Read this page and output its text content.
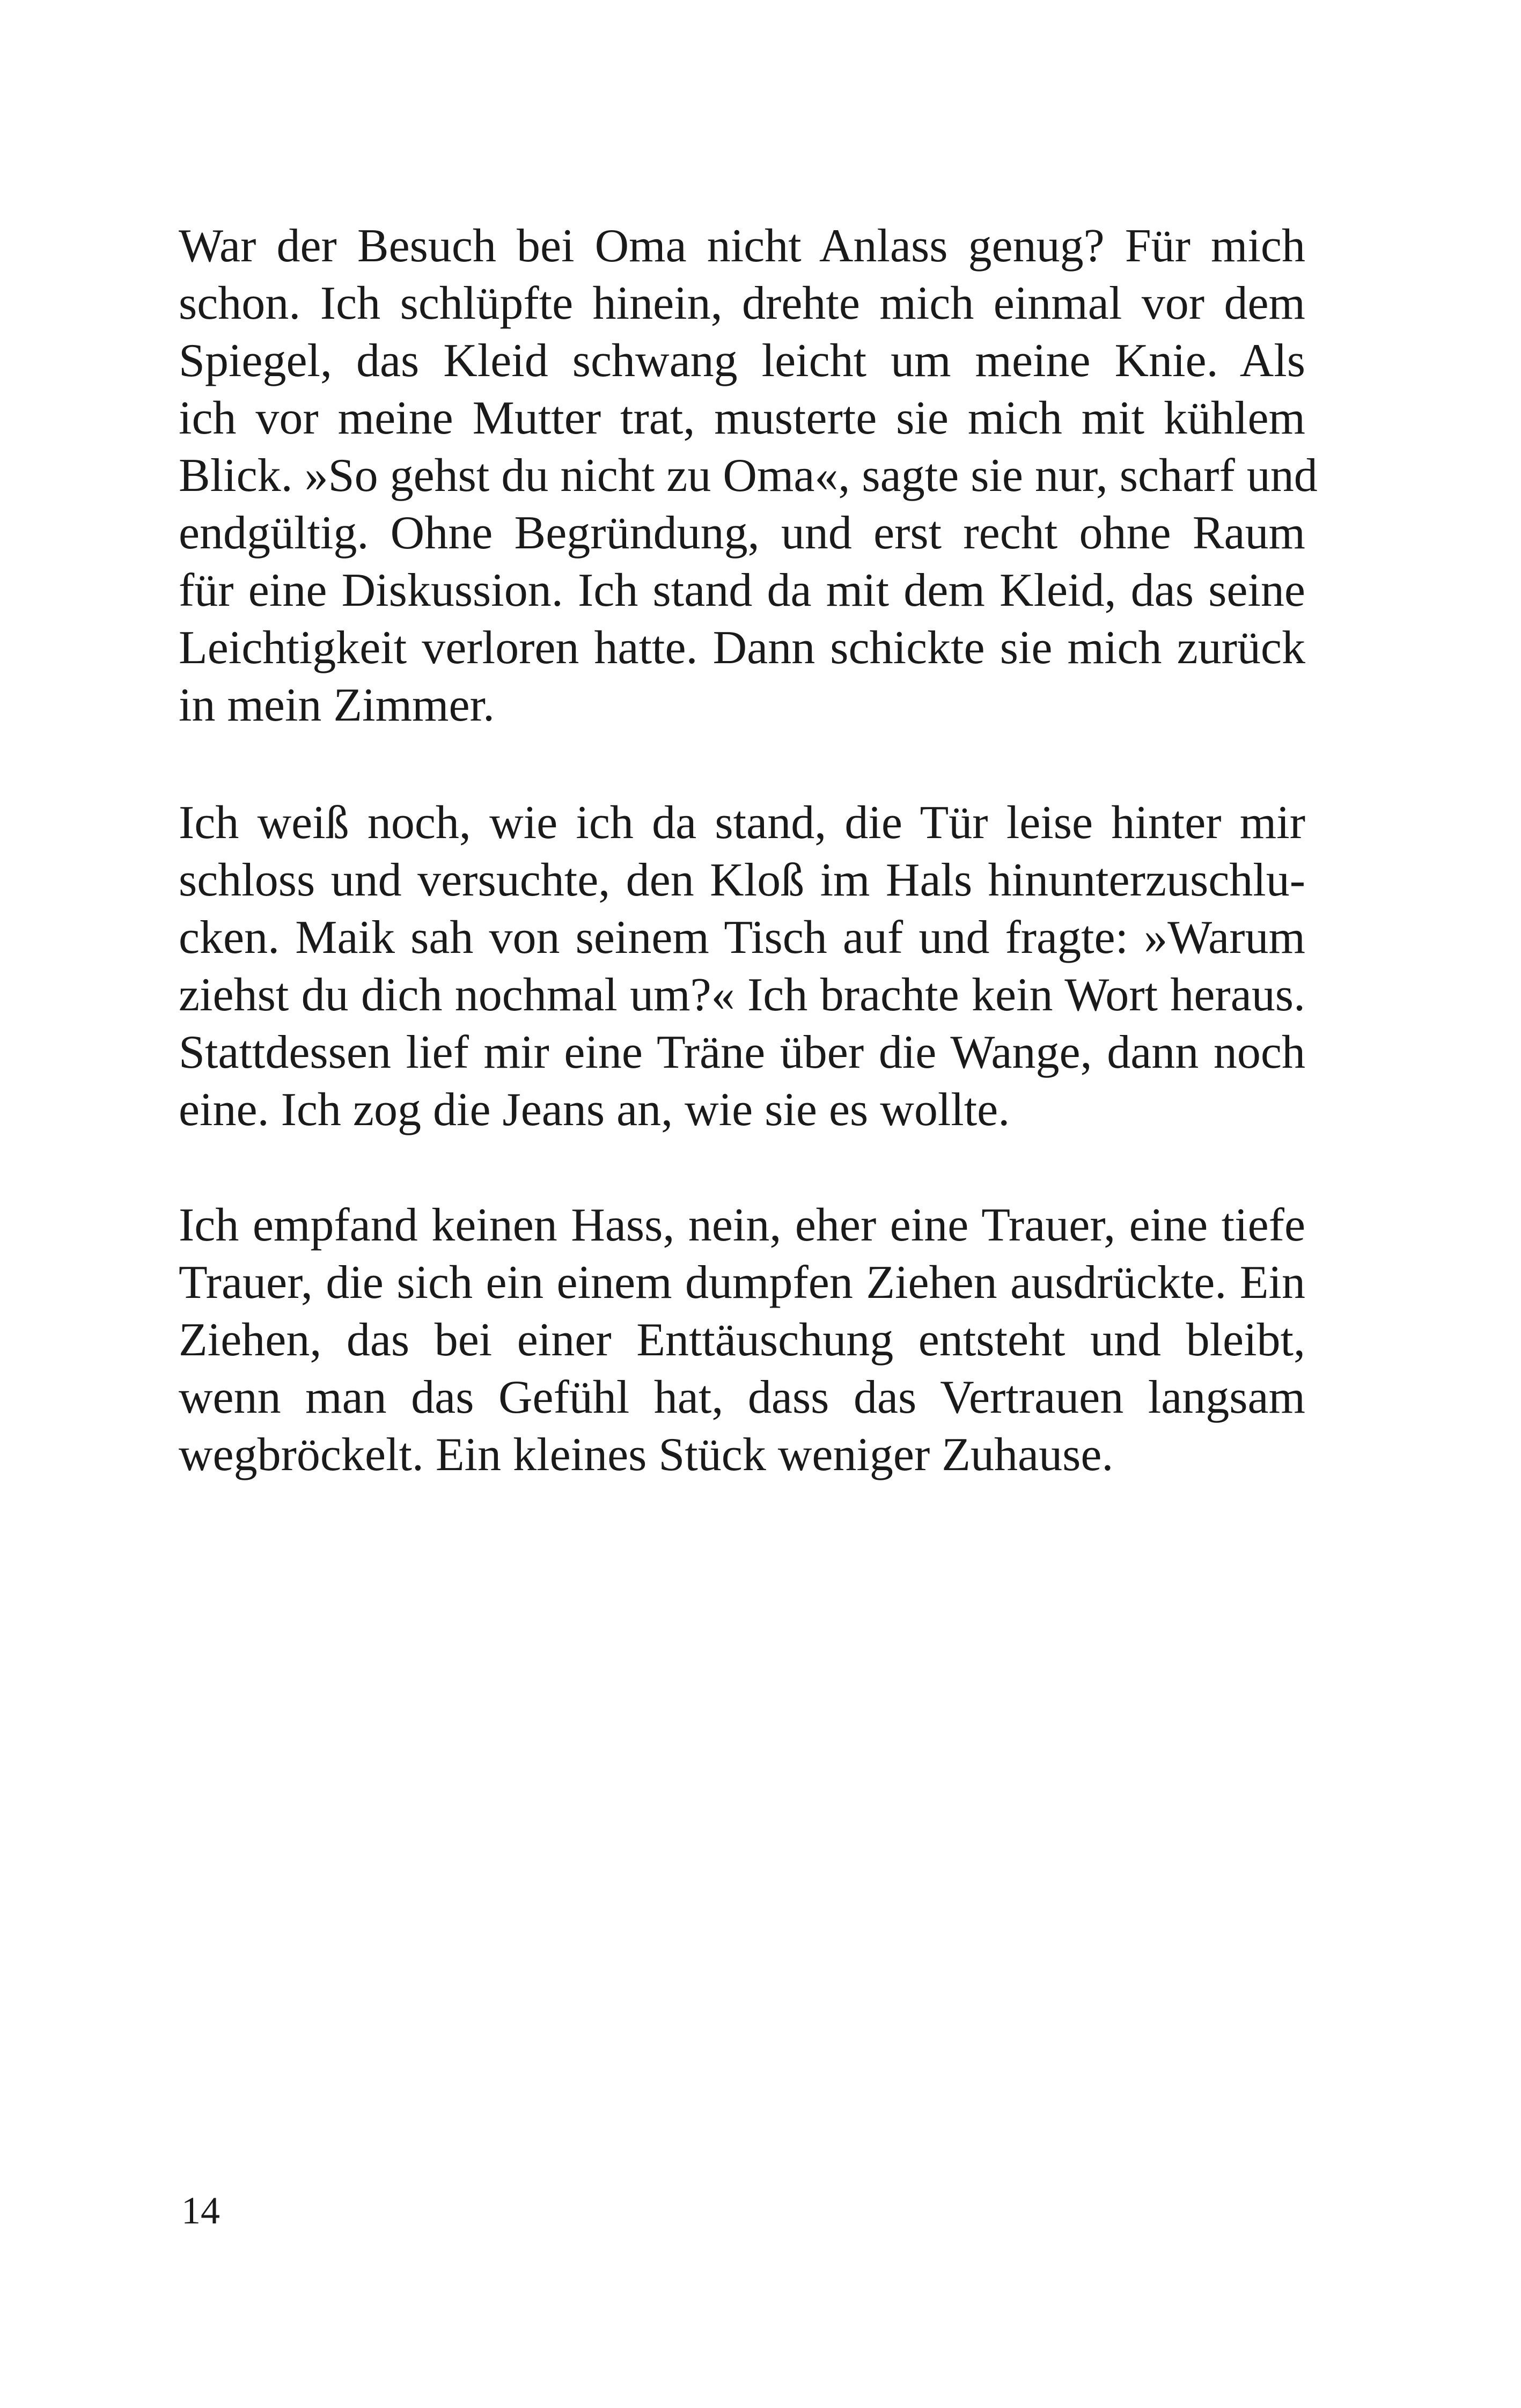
War der Besuch bei Oma nicht Anlass genug? Für mich
schon. Ich schlüpfte hinein, drehte mich einmal vor dem
Spiegel, das Kleid schwang leicht um meine Knie. Als
ich vor meine Mutter trat, musterte sie mich mit kühlem
Blick. »So gehst du nicht zu Oma«, sagte sie nur, scharf und
endgültig. Ohne Begründung, und erst recht ohne Raum
für eine Diskussion. Ich stand da mit dem Kleid, das seine
Leichtigkeit verloren hatte. Dann schickte sie mich zurück
in mein Zimmer.
Ich weiß noch, wie ich da stand, die Tür leise hinter mir
schloss und versuchte, den Kloß im Hals hinunterzuschlu-
cken. Maik sah von seinem Tisch auf und fragte: »Warum
ziehst du dich nochmal um?« Ich brachte kein Wort heraus.
Stattdessen lief mir eine Träne über die Wange, dann noch
eine. Ich zog die Jeans an, wie sie es wollte.
Ich empfand keinen Hass, nein, eher eine Trauer, eine tiefe
Trauer, die sich ein einem dumpfen Ziehen ausdrückte. Ein
Ziehen, das bei einer Enttäuschung entsteht und bleibt,
wenn man das Gefühl hat, dass das Vertrauen langsam
wegbröckelt. Ein kleines Stück weniger Zuhause.
14
